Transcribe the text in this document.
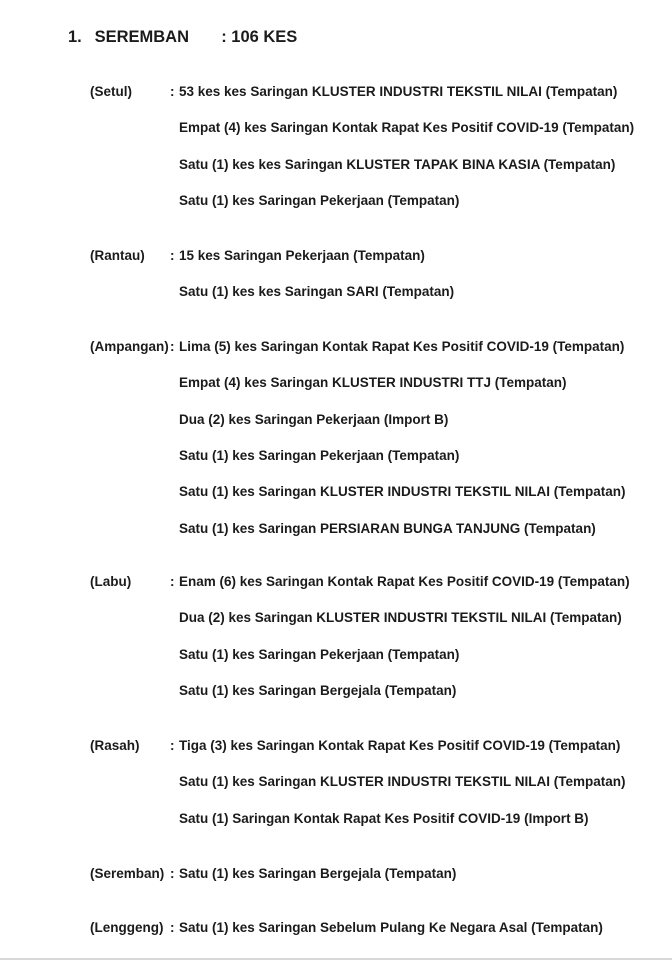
1. SEREMBAN : 106 KES
(Setul)	: 53 kes kes Saringan KLUSTER INDUSTRI TEKSTIL NILAI (Tempatan)
Empat (4) kes Saringan Kontak Rapat Kes Positif COVID-19 (Tempatan)
Satu (1) kes kes Saringan KLUSTER TAPAK BINA KASIA (Tempatan)
Satu (1) kes Saringan Pekerjaan (Tempatan)
(Rantau) : 15 kes Saringan Pekerjaan (Tempatan)
Satu (1) kes kes Saringan SARI (Tempatan)
(Ampangan) : Lima (5) kes Saringan Kontak Rapat Kes Positif COVID-19 (Tempatan)
Empat (4) kes Saringan KLUSTER INDUSTRI TTJ (Tempatan)
Dua (2) kes Saringan Pekerjaan (Import B)
Satu (1) kes Saringan Pekerjaan (Tempatan)
Satu (1) kes Saringan KLUSTER INDUSTRI TEKSTIL NILAI (Tempatan)
Satu (1) kes Saringan PERSIARAN BUNGA TANJUNG (Tempatan)
(Labu)	: Enam (6) kes Saringan Kontak Rapat Kes Positif COVID-19 (Tempatan)
Dua (2) kes Saringan KLUSTER INDUSTRI TEKSTIL NILAI (Tempatan)
Satu (1) kes Saringan Pekerjaan (Tempatan)
Satu (1) kes Saringan Bergejala (Tempatan)
(Rasah) : Tiga (3) kes Saringan Kontak Rapat Kes Positif COVID-19 (Tempatan)
Satu (1) kes Saringan KLUSTER INDUSTRI TEKSTIL NILAI (Tempatan)
Satu (1) Saringan Kontak Rapat Kes Positif COVID-19 (Import B)
(Seremban) : Satu (1) kes Saringan Bergejala (Tempatan)
(Lenggeng) : Satu (1) kes Saringan Sebelum Pulang Ke Negara Asal (Tempatan)
